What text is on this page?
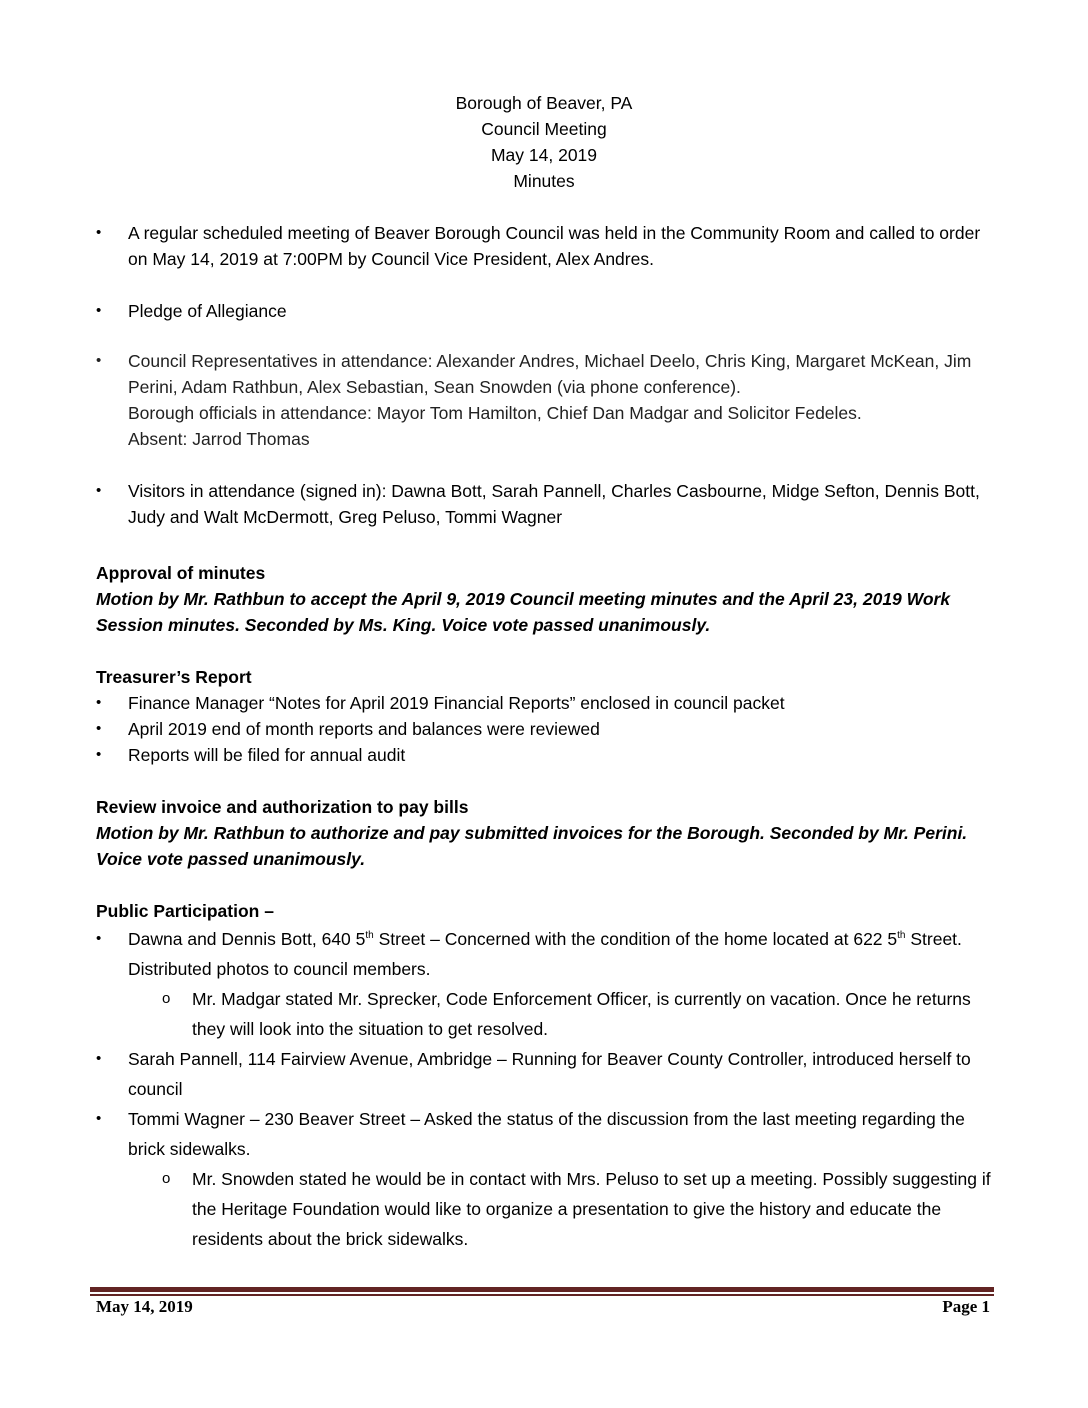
Borough of Beaver, PA
Council Meeting
May 14, 2019
Minutes
• A regular scheduled meeting of Beaver Borough Council was held in the Community Room and called to order on May 14, 2019 at 7:00PM by Council Vice President, Alex Andres.
• Pledge of Allegiance
• Council Representatives in attendance: Alexander Andres, Michael Deelo, Chris King, Margaret McKean, Jim Perini, Adam Rathbun, Alex Sebastian, Sean Snowden (via phone conference).
Borough officials in attendance: Mayor Tom Hamilton, Chief Dan Madgar and Solicitor Fedeles.
Absent: Jarrod Thomas
• Visitors in attendance (signed in): Dawna Bott, Sarah Pannell, Charles Casbourne, Midge Sefton, Dennis Bott, Judy and Walt McDermott, Greg Peluso, Tommi Wagner
Approval of minutes
Motion by Mr. Rathbun to accept the April 9, 2019 Council meeting minutes and the April 23, 2019 Work Session minutes. Seconded by Ms. King. Voice vote passed unanimously.
Treasurer’s Report
• Finance Manager “Notes for April 2019 Financial Reports” enclosed in council packet
• April 2019 end of month reports and balances were reviewed
• Reports will be filed for annual audit
Review invoice and authorization to pay bills
Motion by Mr. Rathbun to authorize and pay submitted invoices for the Borough. Seconded by Mr. Perini. Voice vote passed unanimously.
Public Participation –
• Dawna and Dennis Bott, 640 5th Street – Concerned with the condition of the home located at 622 5th Street. Distributed photos to council members.
o Mr. Madgar stated Mr. Sprecker, Code Enforcement Officer, is currently on vacation. Once he returns they will look into the situation to get resolved.
• Sarah Pannell, 114 Fairview Avenue, Ambridge – Running for Beaver County Controller, introduced herself to council
• Tommi Wagner – 230 Beaver Street – Asked the status of the discussion from the last meeting regarding the brick sidewalks.
o Mr. Snowden stated he would be in contact with Mrs. Peluso to set up a meeting. Possibly suggesting if the Heritage Foundation would like to organize a presentation to give the history and educate the residents about the brick sidewalks.
May 14, 2019	Page 1
